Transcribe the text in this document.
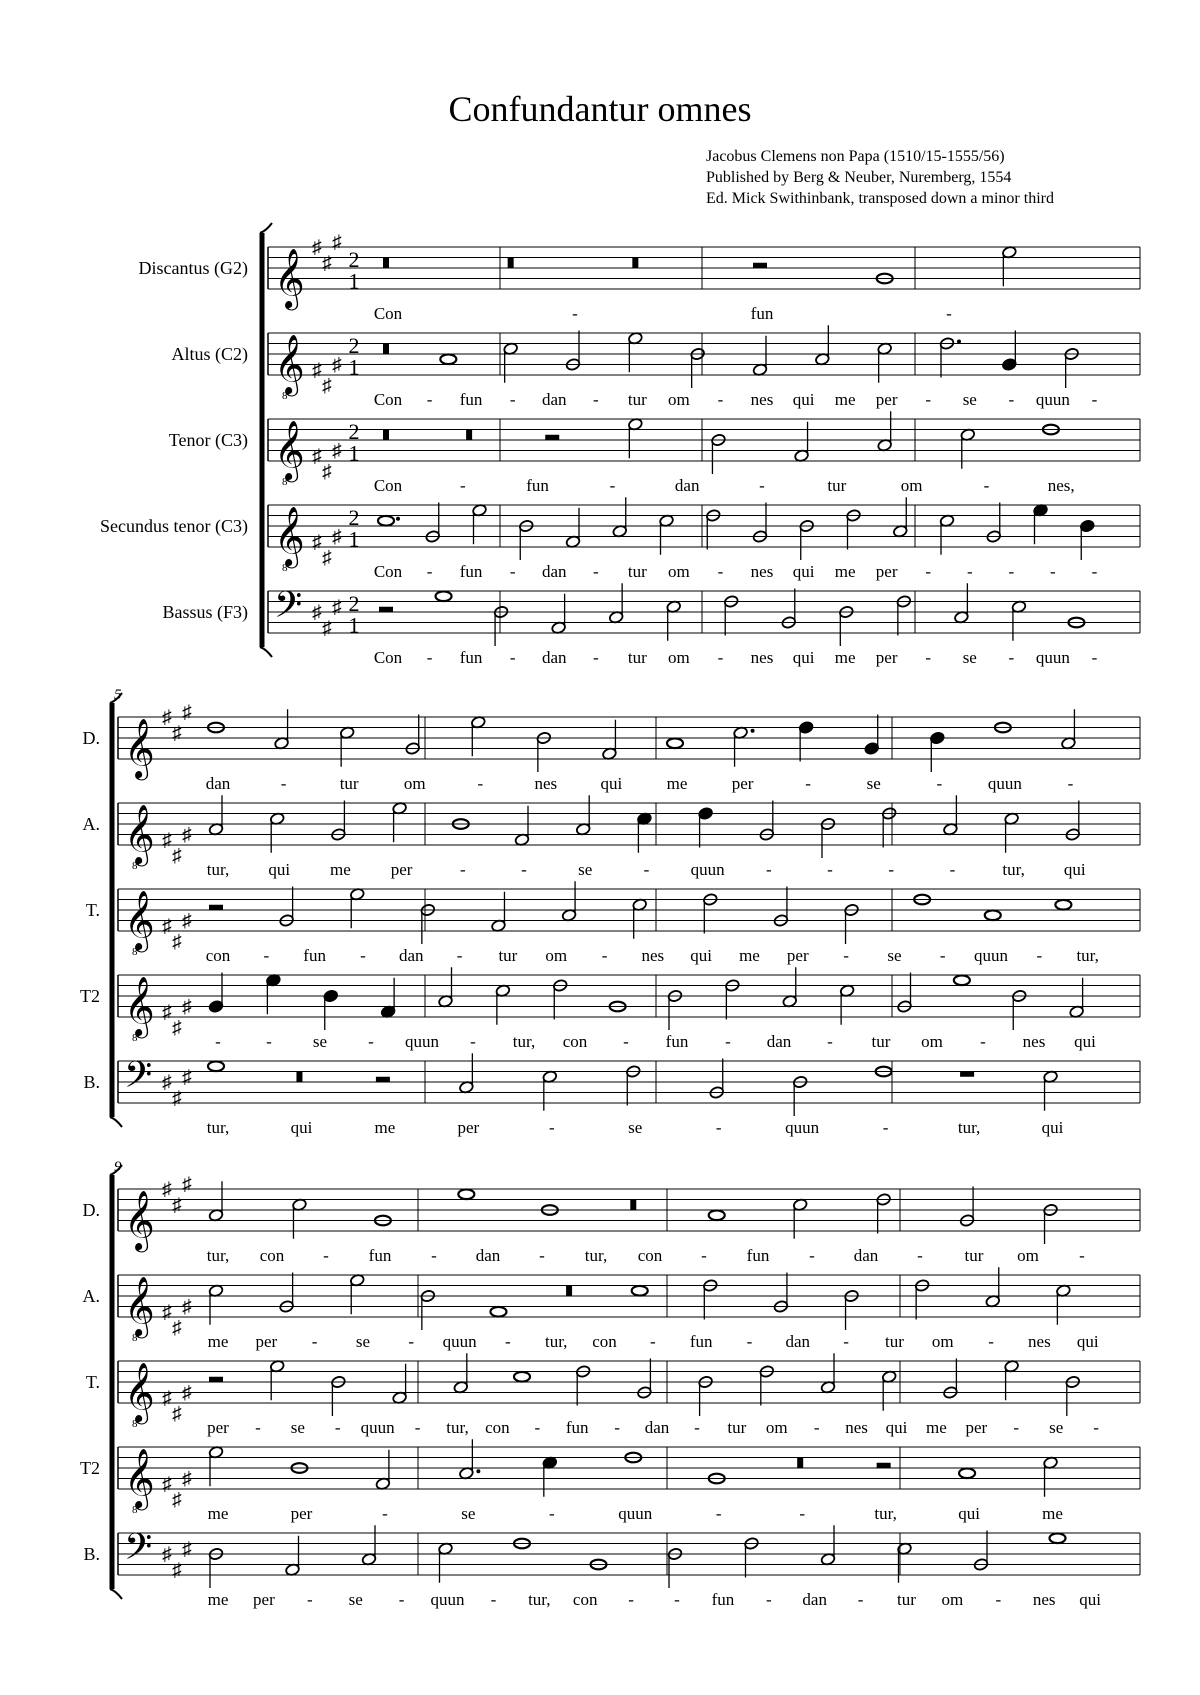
Confundantur omnes
Jacobus Clemens non Papa (1510/15-1555/56)
Published by Berg & Neuber, Nuremberg, 1554
Ed. Mick Swithinbank, transposed down a minor third
Discantus (G2) 𝄞
♯
♯
♯
2
1
Con	-	fun	-
Altus (C2) 𝄞
8
♯
♯
♯
2
1
Con - fun - dan - tur om - nes qui me per - se - quun -
Tenor (C3) 𝄞
8
♯
♯
♯
2
1
Con	-	fun	-	dan	-	tur	om	-	nes,
Secundus tenor (C3) 𝄞
8
♯
♯
♯
2
1
Con - fun - dan - tur om - nes qui me per - - - - -
Bassus (F3) 𝄢 ♯
♯
♯ 2
1
Con - fun - dan - tur om - nes qui me per - se - quun -
5
D. 𝄞
♯
♯
♯
dan	-	tur	om	-	nes	qui	me	per	-	se	-	quun	-
A. 𝄞
8
♯
♯
♯
tur, qui me per	-	-	se	- quun -	-	-	-	tur, qui
T. 𝄞
8
♯
♯
♯
con - fun - dan - tur om - nes qui me per - se - quun - tur,
T2 𝄞
8
♯
♯
♯
-	- se - quun - tur, con - fun - dan - tur om - nes qui
B. 𝄢 ♯
♯
♯
tur,	qui	me	per	-	se	-	quun	-	tur,	qui
9
D. 𝄞
♯
♯
♯
tur, con - fun - dan - tur, con - fun - dan - tur om -
A. 𝄞
8
♯
♯
♯
me per - se - quun - tur, con - fun - dan - tur om - nes qui
T. 𝄞
8
♯
♯
♯
per - se - quun - tur, con - fun - dan - tur om - nes qui me per - se -
T2 𝄞
8
♯
♯
♯
me	per	-	se	-	quun	-	-	tur,	qui	me
B. 𝄢 ♯
♯
♯
me per - se - quun - tur, con - - fun - dan - tur om - nes qui
